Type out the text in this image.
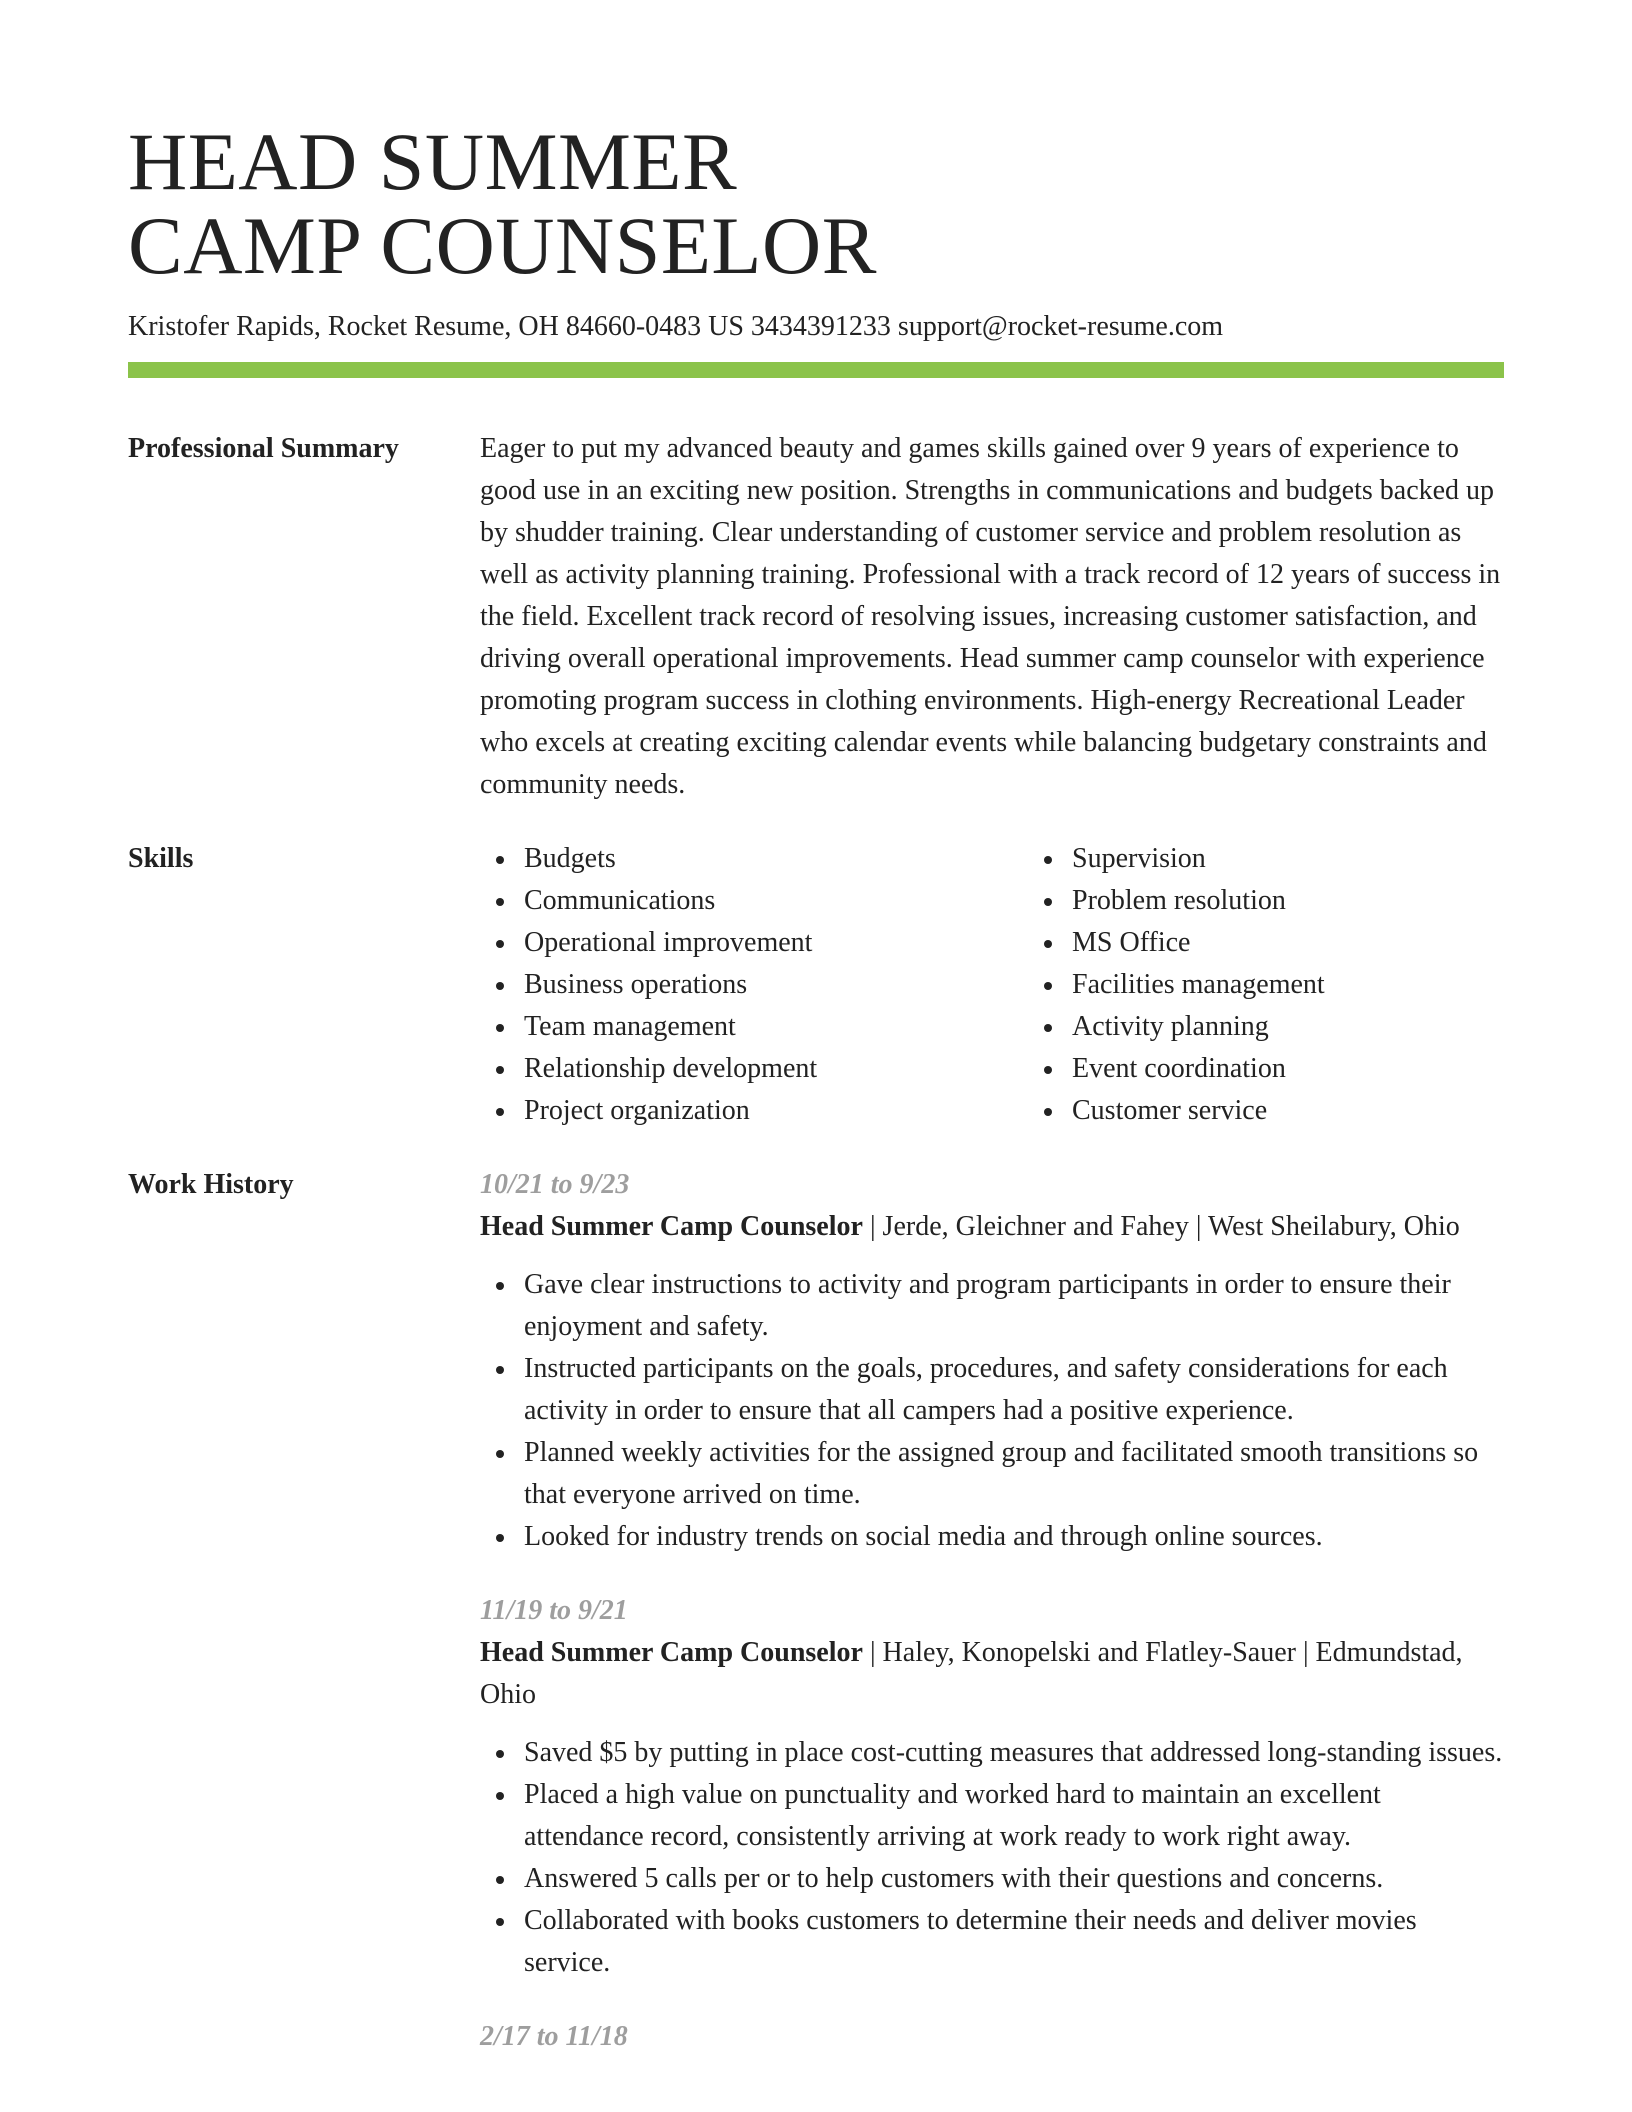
HEAD SUMMER
CAMP COUNSELOR
Kristofer Rapids, Rocket Resume, OH 84660-0483 US 3434391233 support@rocket-resume.com
Professional Summary	Eager to put my advanced beauty and games skills gained over 9 years of experience to good use in an exciting new position. Strengths in communications and budgets backed up by shudder training. Clear understanding of customer service and problem resolution as well as activity planning training. Professional with a track record of 12 years of success in the field. Excellent track record of resolving issues, increasing customer satisfaction, and driving overall operational improvements. Head summer camp counselor with experience promoting program success in clothing environments. High-energy Recreational Leader who excels at creating exciting calendar events while balancing budgetary constraints and community needs.

Skills	Budgets
Communications
Operational improvement
Business operations
Team management
Relationship development
Project organization
Supervision
Problem resolution
MS Office
Facilities management
Activity planning
Event coordination
Customer service
Work History	10/21 to 9/23
Head Summer Camp Counselor | Jerde, Gleichner and Fahey | West Sheilabury, Ohio
Gave clear instructions to activity and program participants in order to ensure their enjoyment and safety.
Instructed participants on the goals, procedures, and safety considerations for each activity in order to ensure that all campers had a positive experience.
Planned weekly activities for the assigned group and facilitated smooth transitions so that everyone arrived on time.
Looked for industry trends on social media and through online sources.
11/19 to 9/21
Head Summer Camp Counselor | Haley, Konopelski and Flatley-Sauer | Edmundstad, Ohio
Saved $5 by putting in place cost-cutting measures that addressed long-standing issues.
Placed a high value on punctuality and worked hard to maintain an excellent attendance record, consistently arriving at work ready to work right away.
Answered 5 calls per or to help customers with their questions and concerns.
Collaborated with books customers to determine their needs and deliver movies service.
2/17 to 11/18
